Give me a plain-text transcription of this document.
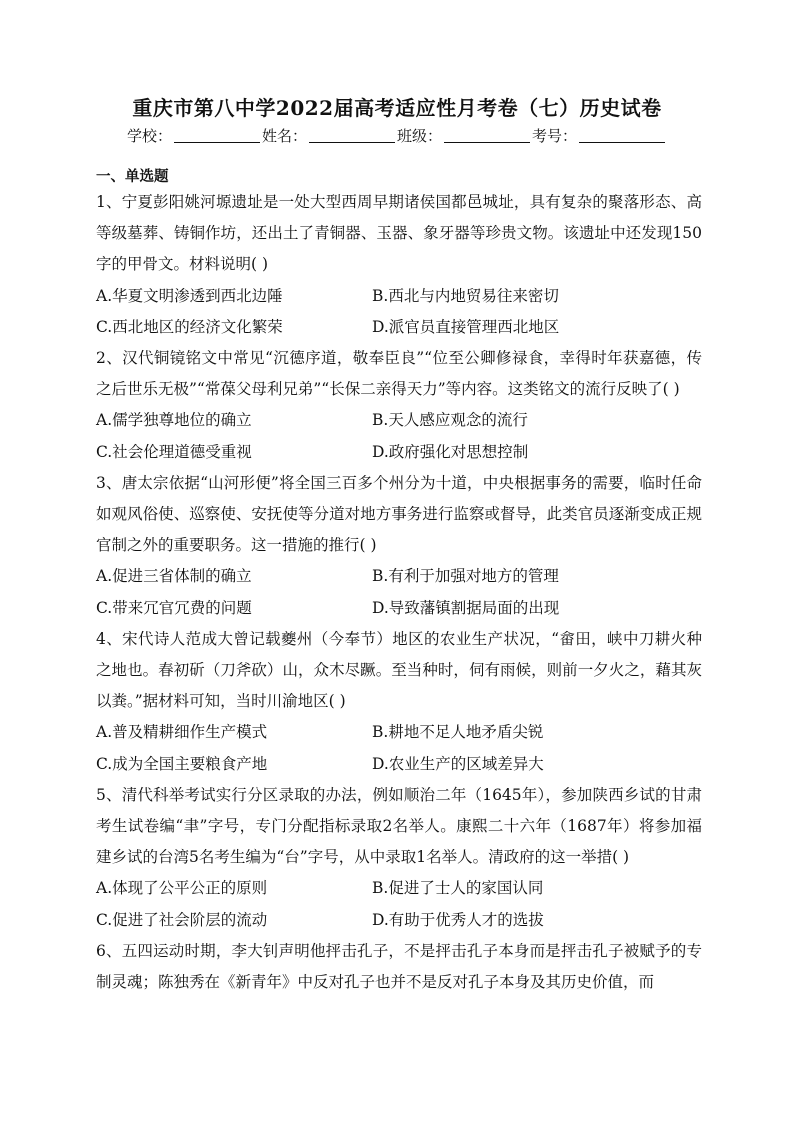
重庆市第八中学2022届高考适应性月考卷（七）历史试卷
学校：	姓名：	班级：	考号：
一、单选题

1、宁夏彭阳姚河塬遗址是一处大型西周早期诸侯国都邑城址，具有复杂的聚落形态、高等级墓葬、铸铜作坊，还出土了青铜器、玉器、象牙器等珍贵文物。该遗址中还发现150字的甲骨文。材料说明( )

A.华夏文明渗透到西北边陲	B.西北与内地贸易往来密切
C.西北地区的经济文化繁荣	D.派官员直接管理西北地区

2、汉代铜镜铭文中常见“沉德序道，敬奉臣良”“位至公卿修禄食，幸得时年获嘉德，传之后世乐无极”“常葆父母利兄弟”“长保二亲得天力”等内容。这类铭文的流行反映了( )

A.儒学独尊地位的确立	B.天人感应观念的流行
C.社会伦理道德受重视	D.政府强化对思想控制

3、唐太宗依据“山河形便”将全国三百多个州分为十道，中央根据事务的需要，临时任命如观风俗使、巡察使、安抚使等分道对地方事务进行监察或督导，此类官员逐渐变成正规官制之外的重要职务。这一措施的推行( )

A.促进三省体制的确立	B.有利于加强对地方的管理
C.带来冗官冗费的问题	D.导致藩镇割据局面的出现

4、宋代诗人范成大曾记载夔州（今奉节）地区的农业生产状况，“畲田，峡中刀耕火种之地也。春初斫（刀斧砍）山，众木尽蹶。至当种时，伺有雨候，则前一夕火之，藉其灰以粪。”据材料可知，当时川渝地区( )

A.普及精耕细作生产模式	B.耕地不足人地矛盾尖锐
C.成为全国主要粮食产地	D.农业生产的区域差异大

5、清代科举考试实行分区录取的办法，例如顺治二年（1645年），参加陕西乡试的甘肃考生试卷编“聿”字号，专门分配指标录取2名举人。康熙二十六年（1687年）将参加福建乡试的台湾5名考生编为“台”字号，从中录取1名举人。清政府的这一举措( )

A.体现了公平公正的原则	B.促进了士人的家国认同
C.促进了社会阶层的流动	D.有助于优秀人才的选拔

6、五四运动时期，李大钊声明他抨击孔子，不是抨击孔子本身而是抨击孔子被赋予的专制灵魂；陈独秀在《新青年》中反对孔子也并不是反对孔子本身及其历史价值，而
